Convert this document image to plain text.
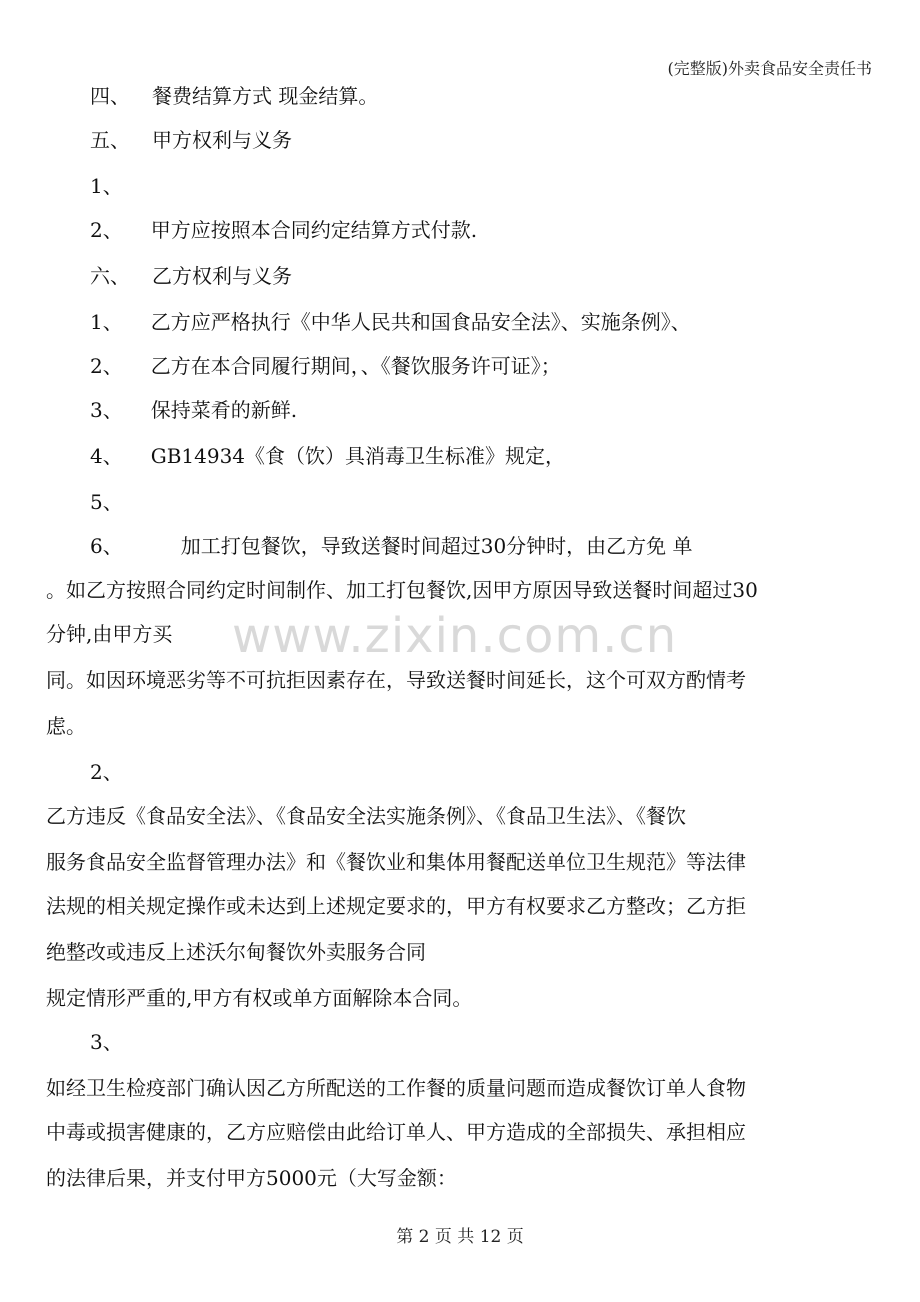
(完整版)外卖食品安全责任书
四、 餐费结算方式 现金结算。
五、 甲方权利与义务
1、
2、 甲方应按照本合同约定结算方式付款.
六、 乙方权利与义务
1、 乙方应严格执行《中华人民共和国食品安全法》、实施条例》、
2、 乙方在本合同履行期间，、《餐饮服务许可证》；
3、 保持菜肴的新鲜.
4、 GB14934《食（饮）具消毒卫生标准》规定，
5、
6、	加工打包餐饮，导致送餐时间超过30分钟时，由乙方免 单
www.zixin.com.cn
。如乙方按照合同约定时间制作、加工打包餐饮,因甲方原因导致送餐时间超过30
分钟,由甲方买
同。如因环境恶劣等不可抗拒因素存在，导致送餐时间延长，这个可双方酌情考
虑。
2、
乙方违反《食品安全法》、《食品安全法实施条例》、《食品卫生法》、《餐饮
服务食品安全监督管理办法》和《餐饮业和集体用餐配送单位卫生规范》等法律
法规的相关规定操作或未达到上述规定要求的，甲方有权要求乙方整改；乙方拒
绝整改或违反上述沃尔甸餐饮外卖服务合同
规定情形严重的,甲方有权或单方面解除本合同。
3、
如经卫生检疫部门确认因乙方所配送的工作餐的质量问题而造成餐饮订单人食物
中毒或损害健康的，乙方应赔偿由此给订单人、甲方造成的全部损失、承担相应
的法律后果，并支付甲方5000元（大写金额：
第 2 页 共 12 页
